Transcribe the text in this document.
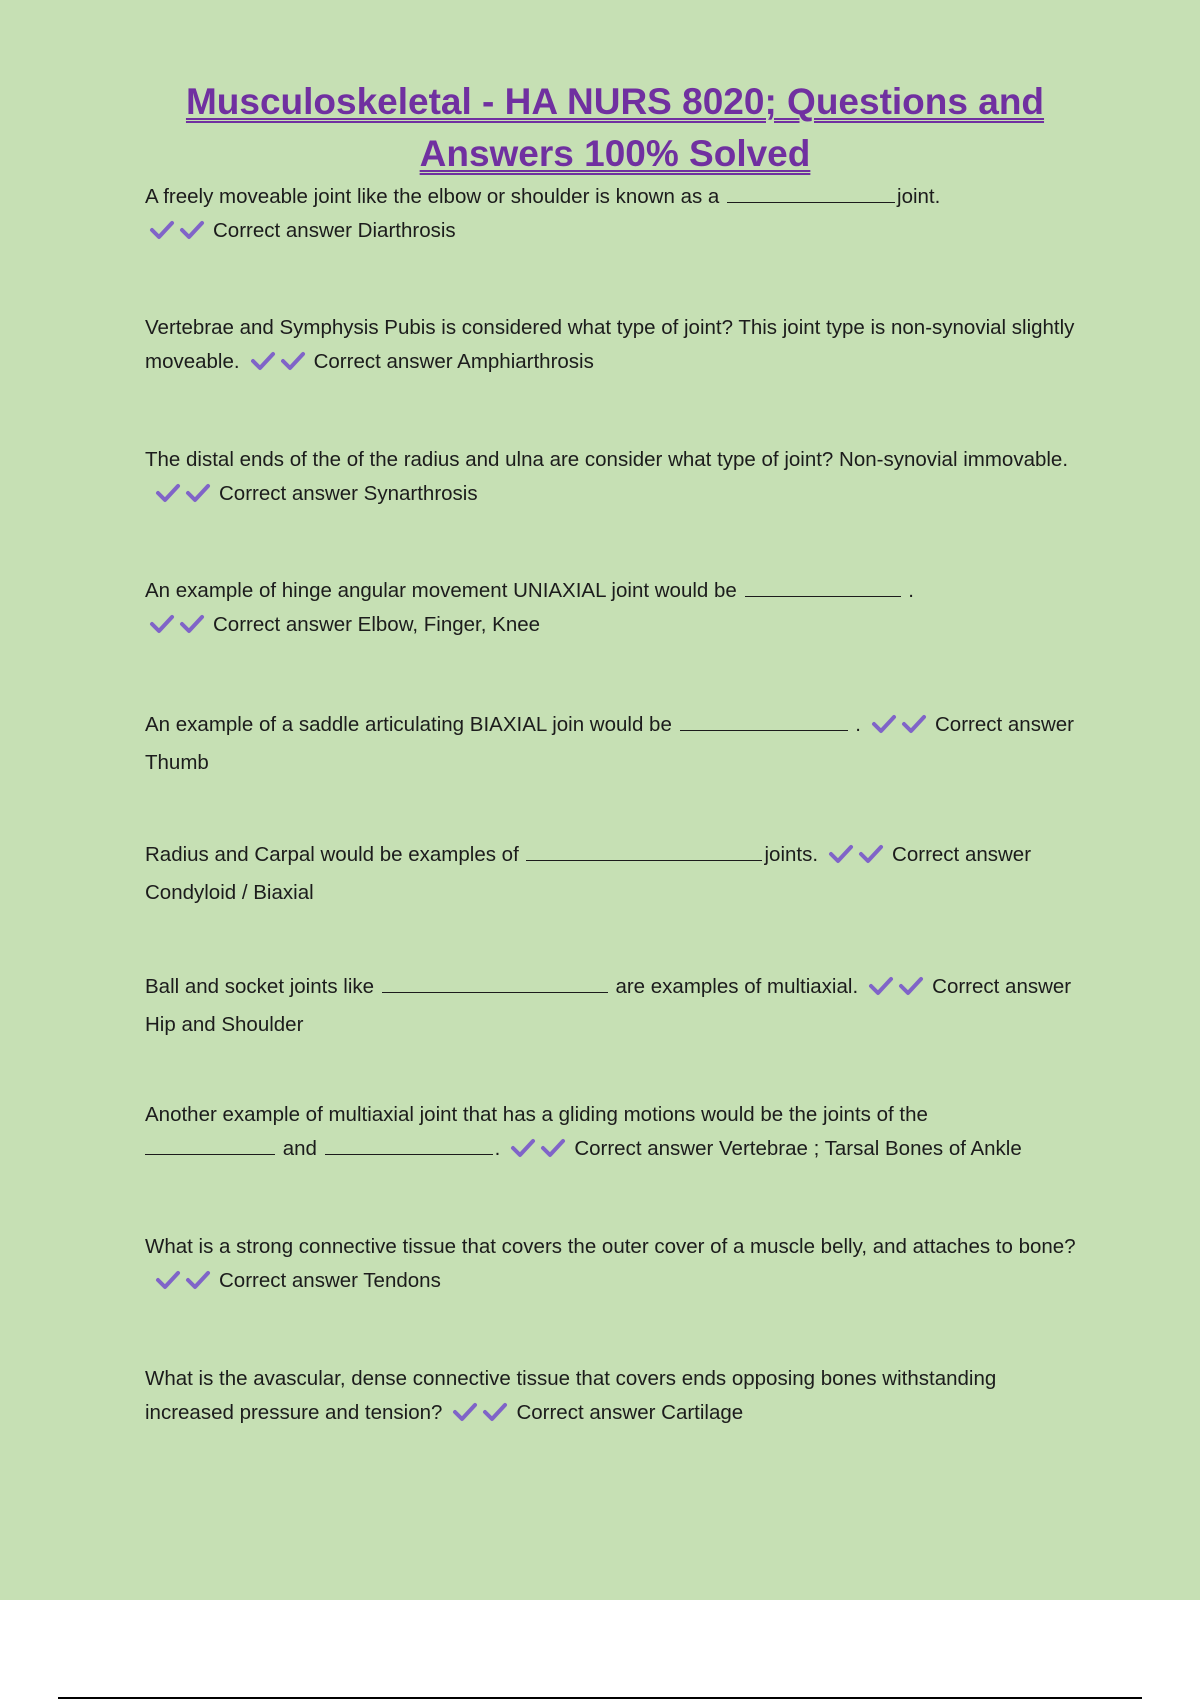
Musculoskeletal - HA NURS 8020; Questions and Answers 100% Solved

A freely moveable joint like the elbow or shoulder is known as a	joint.

Correct answer Diarthrosis

Vertebrae and Symphysis Pubis is considered what type of joint? This joint type is non-synovial slightly moveable.	Correct answer Amphiarthrosis

The distal ends of the of the radius and ulna are consider what type of joint? Non-synovial immovable.Correct answer Synarthrosis

An example of hinge angular movement UNIAXIAL joint would be	.

Correct answer Elbow, Finger, Knee

An example of a saddle articulating BIAXIAL join would be	.	Correct answer Thumb

Radius and Carpal would be examples of	joints.	Correct answer Condyloid / Biaxial

Ball and socket joints like	are examples of multiaxial.	Correct answer Hip and Shoulder

Another example of multiaxial joint that has a gliding motions would be the joints of the

and	.	Correct answer Vertebrae ; Tarsal Bones of Ankle

What is a strong connective tissue that covers the outer cover of a muscle belly, and attaches to bone?Correct answer Tendons

What is the avascular, dense connective tissue that covers ends opposing bones withstanding increased pressure and tension?	Correct answer Cartilage
